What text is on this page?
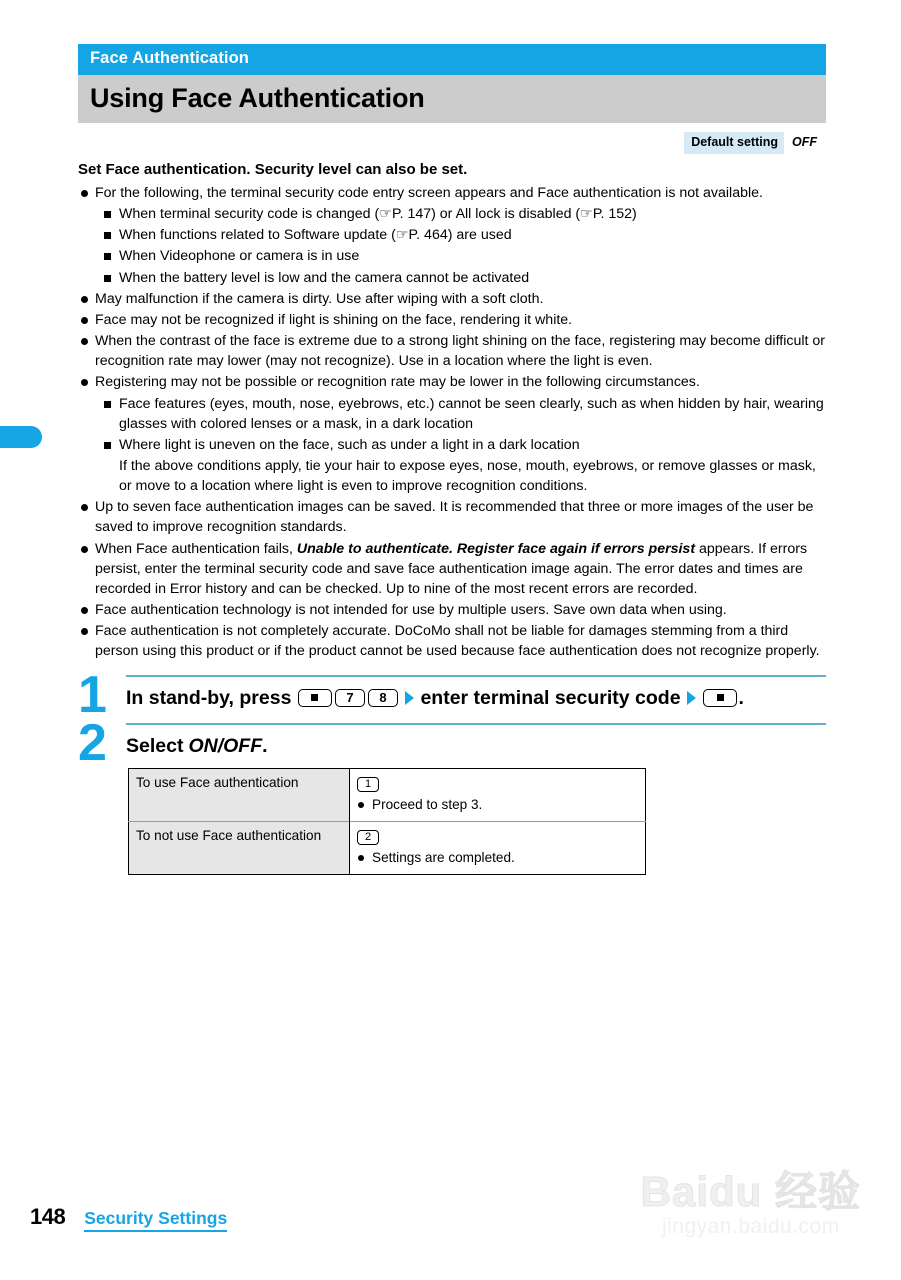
Face Authentication
Using Face Authentication
Default setting	OFF
Set Face authentication. Security level can also be set.
For the following, the terminal security code entry screen appears and Face authentication is not available.
When terminal security code is changed (☞P. 147) or All lock is disabled (☞P. 152)
When functions related to Software update (☞P. 464) are used
When Videophone or camera is in use
When the battery level is low and the camera cannot be activated
May malfunction if the camera is dirty. Use after wiping with a soft cloth.
Face may not be recognized if light is shining on the face, rendering it white.
When the contrast of the face is extreme due to a strong light shining on the face, registering may become difficult or recognition rate may lower (may not recognize). Use in a location where the light is even.
Registering may not be possible or recognition rate may be lower in the following circumstances.
Face features (eyes, mouth, nose, eyebrows, etc.) cannot be seen clearly, such as when hidden by hair, wearing glasses with colored lenses or a mask, in a dark location
Where light is uneven on the face, such as under a light in a dark location
If the above conditions apply, tie your hair to expose eyes, nose, mouth, eyebrows, or remove glasses or mask, or move to a location where light is even to improve recognition conditions.
Up to seven face authentication images can be saved. It is recommended that three or more images of the user be saved to improve recognition standards.
When Face authentication fails, Unable to authenticate. Register face again if errors persist appears. If errors persist, enter the terminal security code and save face authentication image again. The error dates and times are recorded in Error history and can be checked. Up to nine of the most recent errors are recorded.
Face authentication technology is not intended for use by multiple users. Save own data when using.
Face authentication is not completely accurate. DoCoMo shall not be liable for damages stemming from a third person using this product or if the product cannot be used because face authentication does not recognize properly.
1 In stand-by, press	7	8	enter terminal security code	.
2 Select ON/OFF .
To use Face authentication	1
Proceed to step 3.

To not use Face authentication	2
Settings are completed.
148 Security Settings
Baidu 经验
jingyan.baidu.com
